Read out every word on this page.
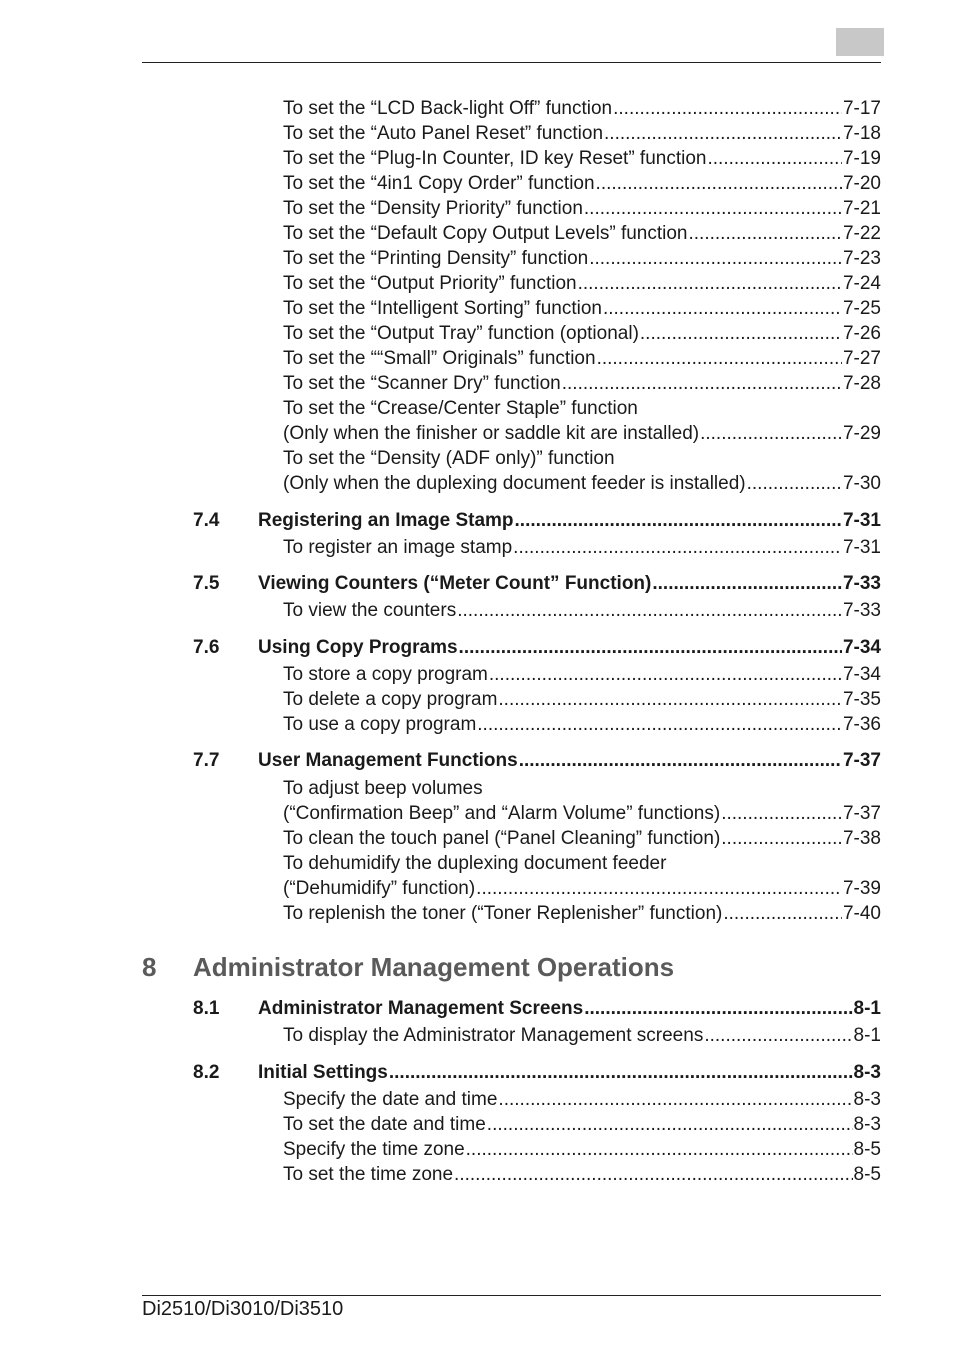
To set the “LCD Back-light Off” function .....	7-17
To set the “Auto Panel Reset” function .....	7-18
To set the “Plug-In Counter, ID key Reset” function .....	7-19
To set the “4in1 Copy Order” function .....	7-20
To set the “Density Priority” function .....	7-21
To set the “Default Copy Output Levels” function .....	7-22
To set the “Printing Density” function .....	7-23
To set the “Output Priority” function .....	7-24
To set the “Intelligent Sorting” function .....	7-25
To set the “Output Tray” function (optional) .....	7-26
To set the ““Small” Originals” function .....	7-27
To set the “Scanner Dry” function .....	7-28
To set the “Crease/Center Staple” function
(Only when the finisher or saddle kit are installed) .....	7-29
To set the “Density (ADF only)” function
(Only when the duplexing document feeder is installed) .....	7-30
7.4 Registering an Image Stamp .....	7-31
To register an image stamp .....	7-31
7.5 Viewing Counters (“Meter Count” Function) .....	7-33
To view the counters .....	7-33
7.6 Using Copy Programs .....	7-34
To store a copy program .....	7-34
To delete a copy program .....	7-35
To use a copy program .....	7-36
7.7 User Management Functions .....	7-37
To adjust beep volumes
(“Confirmation Beep” and “Alarm Volume” functions) .....	7-37
To clean the touch panel (“Panel Cleaning” function) .....	7-38
To dehumidify the duplexing document feeder
(“Dehumidify” function) .....	7-39
To replenish the toner (“Toner Replenisher” function) .....	7-40
8 Administrator Management Operations
8.1 Administrator Management Screens .....	8-1
To display the Administrator Management screens .....	8-1
8.2 Initial Settings .....	8-3
Specify the date and time .....	8-3
To set the date and time .....	8-3
Specify the time zone .....	8-5
To set the time zone .....	8-5
Di2510/Di3010/Di3510
